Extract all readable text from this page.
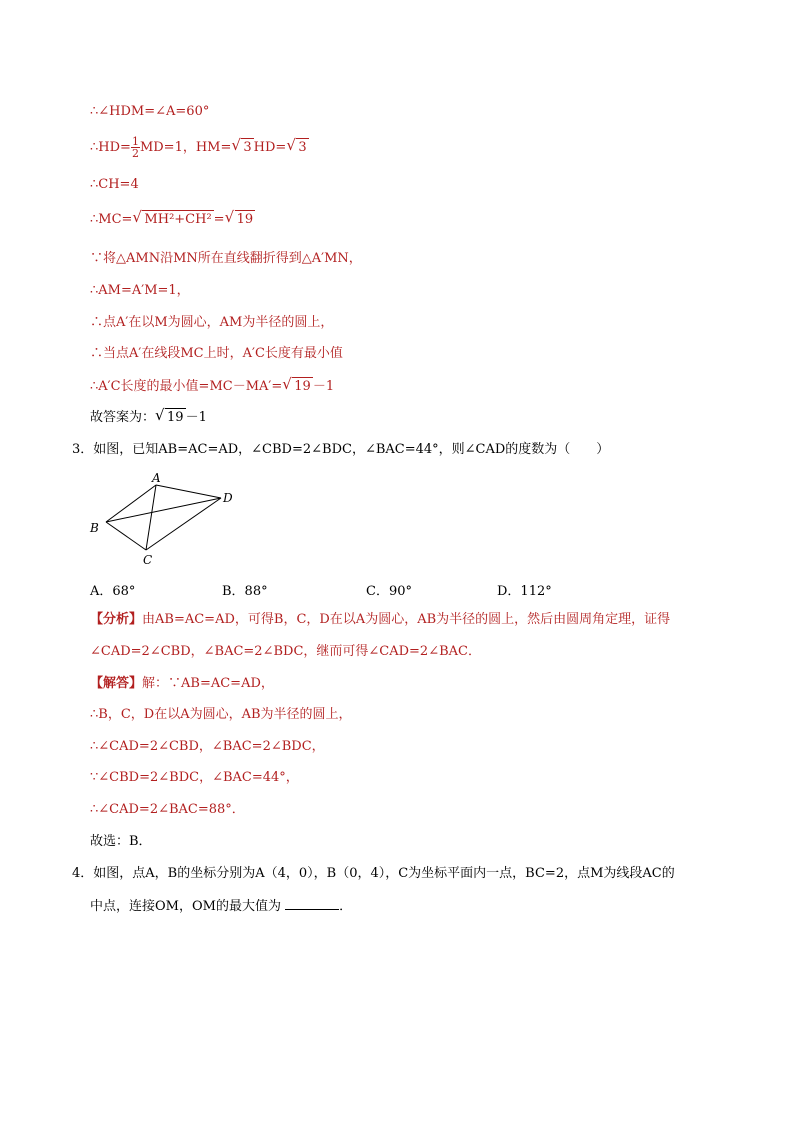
∴∠HDM=∠A=60°
∴HD= $\frac{1}{2} MD=1$，HM= √ 3 HD= √ 3
∴CH=4
∴MC= √ MH²+CH² = √ 19
∵将△AMN沿MN所在直线翻折得到△A′MN，
∴AM=A′M=1，
∴点A′在以M为圆心，AM为半径的圆上，
∴当点A′在线段MC上时，A′C长度有最小值
∴A′C长度的最小值=MC－MA′= √ 19 －1
故答案为： √ 19 －1
3．如图，已知AB=AC=AD，∠CBD=2∠BDC，∠BAC=44°，则∠CAD的度数为（　　）
A
D
B
C
A．68°	B．88°	C．90°	D．112°
【分析】由AB=AC=AD，可得B，C，D在以A为圆心，AB为半径的圆上，然后由圆周角定理，证得
∠CAD=2∠CBD，∠BAC=2∠BDC，继而可得∠CAD=2∠BAC．
【解答】解：∵AB=AC=AD，
∴B，C，D在以A为圆心，AB为半径的圆上，
∴∠CAD=2∠CBD，∠BAC=2∠BDC，
∵∠CBD=2∠BDC，∠BAC=44°，
∴∠CAD=2∠BAC=88°．
故选：B．
4．如图，点A，B的坐标分别为A（4，0），B（0，4），C为坐标平面内一点，BC=2，点M为线段AC的
中点，连接OM，OM的最大值为	．
